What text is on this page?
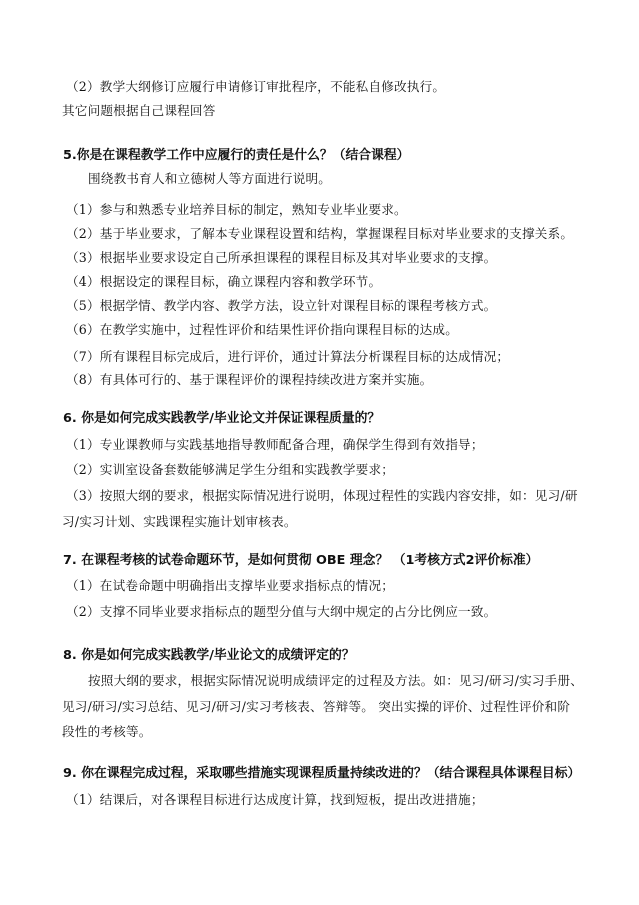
（2）教学大纲修订应履行申请修订审批程序，不能私自修改执行。
其它问题根据自己课程回答
5.你是在课程教学工作中应履行的责任是什么？（结合课程）
围绕教书育人和立德树人等方面进行说明。
（1）参与和熟悉专业培养目标的制定，熟知专业毕业要求。
（2）基于毕业要求，了解本专业课程设置和结构，掌握课程目标对毕业要求的支撑关系。
（3）根据毕业要求设定自己所承担课程的课程目标及其对毕业要求的支撑。
（4）根据设定的课程目标，确立课程内容和教学环节。
（5）根据学情、教学内容、教学方法，设立针对课程目标的课程考核方式。
（6）在教学实施中，过程性评价和结果性评价指向课程目标的达成。
（7）所有课程目标完成后，进行评价，通过计算法分析课程目标的达成情况；
（8）有具体可行的、基于课程评价的课程持续改进方案并实施。
6. 你是如何完成实践教学/毕业论文并保证课程质量的？
（1）专业课教师与实践基地指导教师配备合理，确保学生得到有效指导；
（2）实训室设备套数能够满足学生分组和实践教学要求；
（3）按照大纲的要求，根据实际情况进行说明，体现过程性的实践内容安排，如：见习/研
习/实习计划、实践课程实施计划审核表。
7. 在课程考核的试卷命题环节，是如何贯彻 OBE 理念？ （1考核方式2评价标准）
（1）在试卷命题中明确指出支撑毕业要求指标点的情况；
（2）支撑不同毕业要求指标点的题型分值与大纲中规定的占分比例应一致。
8. 你是如何完成实践教学/毕业论文的成绩评定的？
按照大纲的要求，根据实际情况说明成绩评定的过程及方法。如：见习/研习/实习手册、
见习/研习/实习总结、见习/研习/实习考核表、答辩等。 突出实操的评价、过程性评价和阶
段性的考核等。
9. 你在课程完成过程，采取哪些措施实现课程质量持续改进的？（结合课程具体课程目标）
（1）结课后，对各课程目标进行达成度计算，找到短板，提出改进措施；
